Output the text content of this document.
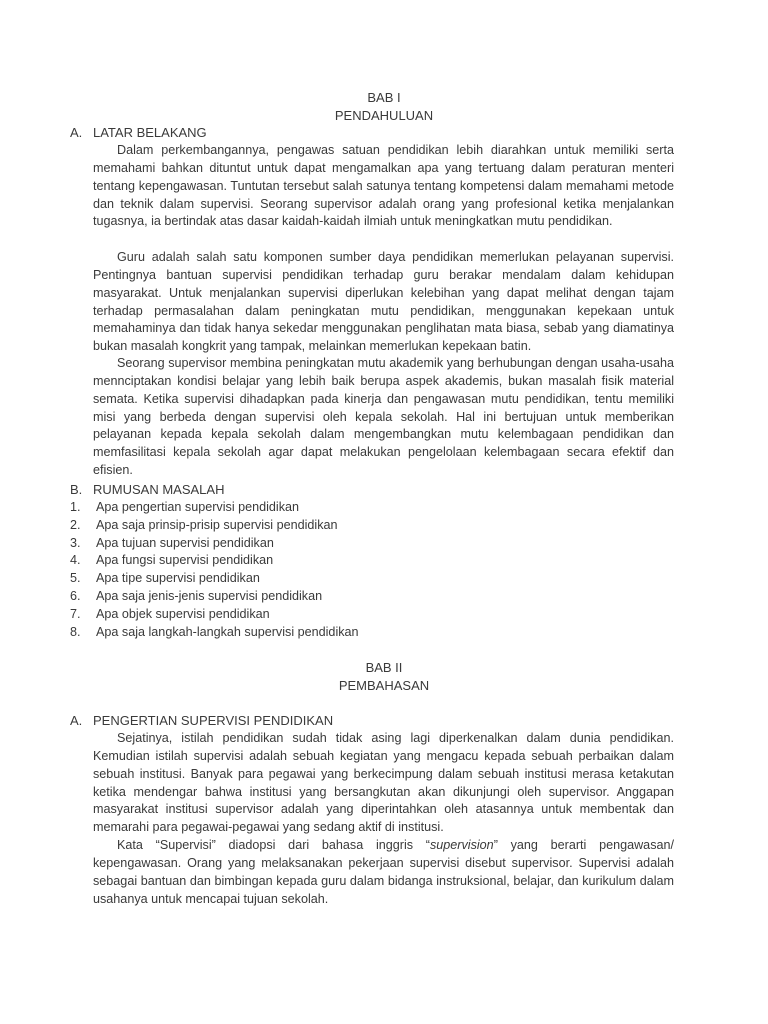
BAB I
PENDAHULUAN
A. LATAR BELAKANG

Dalam perkembangannya, pengawas satuan pendidikan lebih diarahkan untuk memiliki serta memahami bahkan dituntut untuk dapat mengamalkan apa yang tertuang dalam peraturan menteri tentang kepengawasan. Tuntutan tersebut salah satunya tentang kompetensi dalam memahami metode dan teknik dalam supervisi. Seorang supervisor adalah orang yang profesional ketika menjalankan tugasnya, ia bertindak atas dasar kaidah-kaidah ilmiah untuk meningkatkan mutu pendidikan.

Guru adalah salah satu komponen sumber daya pendidikan memerlukan pelayanan supervisi. Pentingnya bantuan supervisi pendidikan terhadap guru berakar mendalam dalam kehidupan masyarakat. Untuk menjalankan supervisi diperlukan kelebihan yang dapat melihat dengan tajam terhadap permasalahan dalam peningkatan mutu pendidikan, menggunakan kepekaan untuk memahaminya dan tidak hanya sekedar menggunakan penglihatan mata biasa, sebab yang diamatinya bukan masalah kongkrit yang tampak, melainkan memerlukan kepekaan batin.

Seorang supervisor membina peningkatan mutu akademik yang berhubungan dengan usaha-usaha mennciptakan kondisi belajar yang lebih baik berupa aspek akademis, bukan masalah fisik material semata. Ketika supervisi dihadapkan pada kinerja dan pengawasan mutu pendidikan, tentu memiliki misi yang berbeda dengan supervisi oleh kepala sekolah. Hal ini bertujuan untuk memberikan pelayanan kepada kepala sekolah dalam mengembangkan mutu kelembagaan pendidikan dan memfasilitasi kepala sekolah agar dapat melakukan pengelolaan kelembagaan secara efektif dan efisien.

B. RUMUSAN MASALAH
1. Apa pengertian supervisi pendidikan
2. Apa saja prinsip-prisip supervisi pendidikan
3. Apa tujuan supervisi pendidikan
4. Apa fungsi supervisi pendidikan
5. Apa tipe supervisi pendidikan
6. Apa saja jenis-jenis supervisi pendidikan
7. Apa objek supervisi pendidikan
8. Apa saja langkah-langkah supervisi pendidikan
BAB II
PEMBAHASAN
A. PENGERTIAN SUPERVISI PENDIDIKAN

Sejatinya, istilah pendidikan sudah tidak asing lagi diperkenalkan dalam dunia pendidikan. Kemudian istilah supervisi adalah sebuah kegiatan yang mengacu kepada sebuah perbaikan dalam sebuah institusi. Banyak para pegawai yang berkecimpung dalam sebuah institusi merasa ketakutan ketika mendengar bahwa institusi yang bersangkutan akan dikunjungi oleh supervisor. Anggapan masyarakat institusi supervisor adalah yang diperintahkan oleh atasannya untuk membentak dan memarahi para pegawai-pegawai yang sedang aktif di institusi.

Kata “Supervisi” diadopsi dari bahasa inggris “supervision” yang berarti pengawasan/ kepengawasan. Orang yang melaksanakan pekerjaan supervisi disebut supervisor. Supervisi adalah sebagai bantuan dan bimbingan kepada guru dalam bidanga instruksional, belajar, dan kurikulum dalam usahanya untuk mencapai tujuan sekolah.
